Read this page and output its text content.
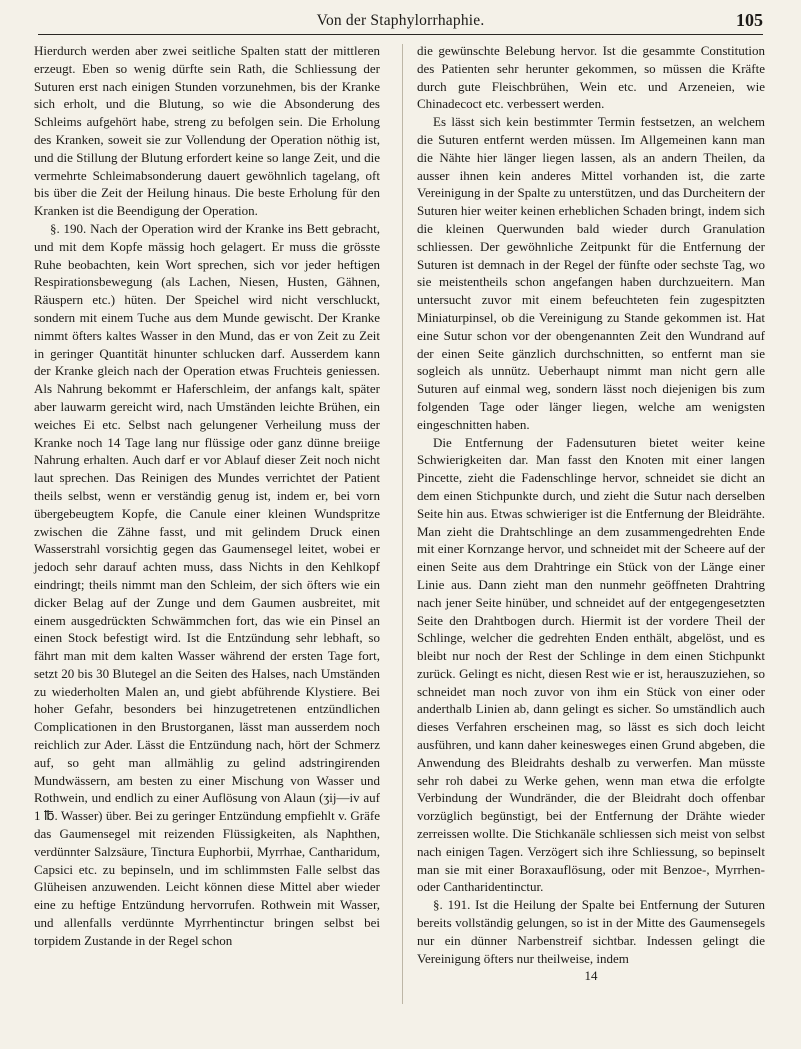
Von der Staphylorrhaphie.	105

Hierdurch werden aber zwei seitliche Spalten statt der mittleren erzeugt. Eben so wenig dürfte sein Rath, die Schliessung der Suturen erst nach einigen Stunden vorzunehmen, bis der Kranke sich erholt, und die Blutung, so wie die Absonderung des Schleims aufgehört habe, streng zu befolgen sein. Die Erholung des Kranken, soweit sie zur Vollendung der Operation nöthig ist, und die Stillung der Blutung erfordert keine so lange Zeit, und die vermehrte Schleimabsonderung dauert gewöhnlich tagelang, oft bis über die Zeit der Heilung hinaus. Die beste Erholung für den Kranken ist die Beendigung der Operation.

§. 190. Nach der Operation wird der Kranke ins Bett gebracht, und mit dem Kopfe mässig hoch gelagert. Er muss die grösste Ruhe beobachten, kein Wort sprechen, sich vor jeder heftigen Respirationsbewegung (als Lachen, Niesen, Husten, Gähnen, Räuspern etc.) hüten. Der Speichel wird nicht verschluckt, sondern mit einem Tuche aus dem Munde gewischt. Der Kranke nimmt öfters kaltes Wasser in den Mund, das er von Zeit zu Zeit in geringer Quantität hinunter schlucken darf. Ausserdem kann der Kranke gleich nach der Operation etwas Fruchteis geniessen. Als Nahrung bekommt er Haferschleim, der anfangs kalt, später aber lauwarm gereicht wird, nach Umständen leichte Brühen, ein weiches Ei etc. Selbst nach gelungener Verheilung muss der Kranke noch 14 Tage lang nur flüssige oder ganz dünne breiige Nahrung erhalten. Auch darf er vor Ablauf dieser Zeit noch nicht laut sprechen. Das Reinigen des Mundes verrichtet der Patient theils selbst, wenn er verständig genug ist, indem er, bei vorn übergebeugtem Kopfe, die Canule einer kleinen Wundspritze zwischen die Zähne fasst, und mit gelindem Druck einen Wasserstrahl vorsichtig gegen das Gaumensegel leitet, wobei er jedoch sehr darauf achten muss, dass Nichts in den Kehlkopf eindringt; theils nimmt man den Schleim, der sich öfters wie ein dicker Belag auf der Zunge und dem Gaumen ausbreitet, mit einem ausgedrückten Schwämmchen fort, das wie ein Pinsel an einen Stock befestigt wird. Ist die Entzündung sehr lebhaft, so fährt man mit dem kalten Wasser während der ersten Tage fort, setzt 20 bis 30 Blutegel an die Seiten des Halses, nach Umständen zu wiederholten Malen an, und giebt abführende Klystiere. Bei hoher Gefahr, besonders bei hinzugetretenen entzündlichen Complicationen in den Brustorganen, lässt man ausserdem noch reichlich zur Ader. Lässt die Entzündung nach, hört der Schmerz auf, so geht man allmählig zu gelind adstringirenden Mundwässern, am besten zu einer Mischung von Wasser und Rothwein, und endlich zu einer Auflösung von Alaun (ʒij—iv auf 1 ℔. Wasser) über. Bei zu geringer Entzündung empfiehlt v. Gräfe das Gaumensegel mit reizenden Flüssigkeiten, als Naphthen, verdünnter Salzsäure, Tinctura Euphorbii, Myrrhae, Cantharidum, Capsici etc. zu bepinseln, und im schlimmsten Falle selbst das Glüheisen anzuwenden. Leicht können diese Mittel aber wieder eine zu heftige Entzündung hervorrufen. Rothwein mit Wasser, und allenfalls verdünnte Myrrhentinctur bringen selbst bei torpidem Zustande in der Regel schon

die gewünschte Belebung hervor. Ist die gesammte Constitution des Patienten sehr herunter gekommen, so müssen die Kräfte durch gute Fleischbrühen, Wein etc. und Arzeneien, wie Chinadecoct etc. verbessert werden.

Es lässt sich kein bestimmter Termin festsetzen, an welchem die Suturen entfernt werden müssen. Im Allgemeinen kann man die Nähte hier länger liegen lassen, als an andern Theilen, da ausser ihnen kein anderes Mittel vorhanden ist, die zarte Vereinigung in der Spalte zu unterstützen, und das Durcheitern der Suturen hier weiter keinen erheblichen Schaden bringt, indem sich die kleinen Querwunden bald wieder durch Granulation schliessen. Der gewöhnliche Zeitpunkt für die Entfernung der Suturen ist demnach in der Regel der fünfte oder sechste Tag, wo sie meistentheils schon angefangen haben durchzueitern. Man untersucht zuvor mit einem befeuchteten fein zugespitzten Miniaturpinsel, ob die Vereinigung zu Stande gekommen ist. Hat eine Sutur schon vor der obengenannten Zeit den Wundrand auf der einen Seite gänzlich durchschnitten, so entfernt man sie sogleich als unnütz. Ueberhaupt nimmt man nicht gern alle Suturen auf einmal weg, sondern lässt noch diejenigen bis zum folgenden Tage oder länger liegen, welche am wenigsten eingeschnitten haben.

Die Entfernung der Fadensuturen bietet weiter keine Schwierigkeiten dar. Man fasst den Knoten mit einer langen Pincette, zieht die Fadenschlinge hervor, schneidet sie dicht an dem einen Stichpunkte durch, und zieht die Sutur nach derselben Seite hin aus. Etwas schwieriger ist die Entfernung der Bleidrähte. Man zieht die Drahtschlinge an dem zusammengedrehten Ende mit einer Kornzange hervor, und schneidet mit der Scheere auf der einen Seite aus dem Drahtringe ein Stück von der Länge einer Linie aus. Dann zieht man den nunmehr geöffneten Drahtring nach jener Seite hinüber, und schneidet auf der entgegengesetzten Seite den Drahtbogen durch. Hiermit ist der vordere Theil der Schlinge, welcher die gedrehten Enden enthält, abgelöst, und es bleibt nur noch der Rest der Schlinge in dem einen Stichpunkt zurück. Gelingt es nicht, diesen Rest wie er ist, herauszuziehen, so schneidet man noch zuvor von ihm ein Stück von einer oder anderthalb Linien ab, dann gelingt es sicher. So umständlich auch dieses Verfahren erscheinen mag, so lässt es sich doch leicht ausführen, und kann daher keinesweges einen Grund abgeben, die Anwendung des Bleidrahts deshalb zu verwerfen. Man müsste sehr roh dabei zu Werke gehen, wenn man etwa die erfolgte Verbindung der Wundränder, die der Bleidraht doch offenbar vorzüglich begünstigt, bei der Entfernung der Drähte wieder zerreissen wollte. Die Stichkanäle schliessen sich meist von selbst nach einigen Tagen. Verzögert sich ihre Schliessung, so bepinselt man sie mit einer Boraxauflösung, oder mit Benzoe-, Myrrhen- oder Cantharidentinctur.

§. 191. Ist die Heilung der Spalte bei Entfernung der Suturen bereits vollständig gelungen, so ist in der Mitte des Gaumensegels nur ein dünner Narbenstreif sichtbar. Indessen gelingt die Vereinigung öfters nur theilweise, indem

14
